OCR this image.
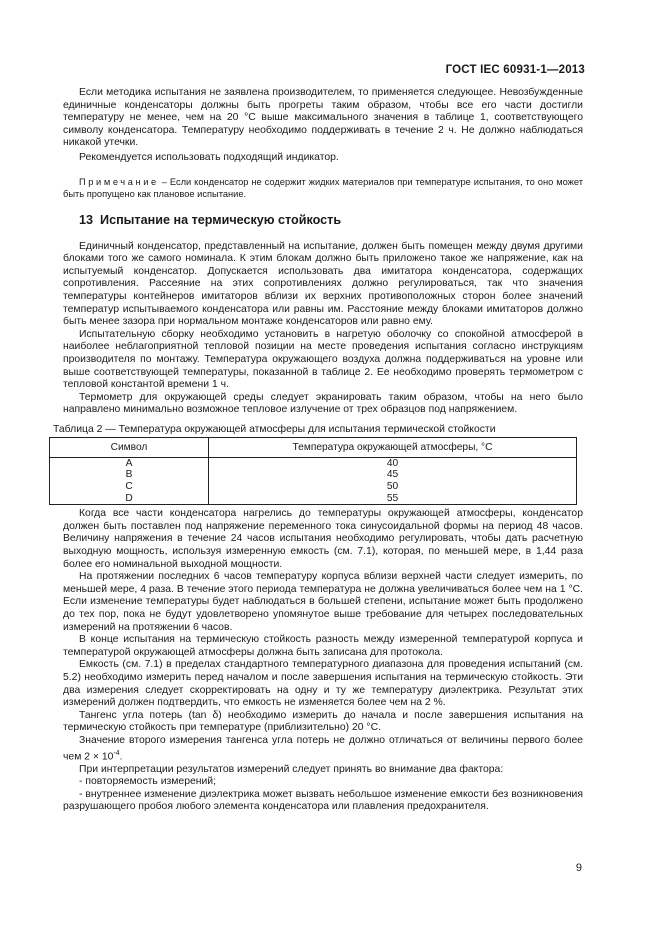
ГОСТ IEC 60931-1—2013

Если методика испытания не заявлена производителем, то применяется следующее. Невозбужденные единичные конденсаторы должны быть прогреты таким образом, чтобы все его части достигли температуру не менее, чем на 20 °С выше максимального значения в таблице 1, соответствующего символу конденсатора. Температуру необходимо поддерживать в течение 2 ч. Не должно наблюдаться никакой утечки.

Рекомендуется использовать подходящий индикатор.

Примечание – Если конденсатор не содержит жидких материалов при температуре испытания, то оно может быть пропущено как плановое испытание.

13 Испытание на термическую стойкость

Единичный конденсатор, представленный на испытание, должен быть помещен между двумя другими блоками того же самого номинала. К этим блокам должно быть приложено такое же напряжение, как на испытуемый конденсатор. Допускается использовать два имитатора конденсатора, содержащих сопротивления. Рассеяние на этих сопротивлениях должно регулироваться, так что значения температуры контейнеров имитаторов вблизи их верхних противоположных сторон более значений температур испытываемого конденсатора или равны им. Расстояние между блоками имитаторов должно быть менее зазора при нормальном монтаже конденсаторов или равно ему.

Испытательную сборку необходимо установить в нагретую оболочку со спокойной атмосферой в наиболее неблагоприятной тепловой позиции на месте проведения испытания согласно инструкциям производителя по монтажу. Температура окружающего воздуха должна поддерживаться на уровне или выше соответствующей температуры, показанной в таблице 2. Ее необходимо проверять термометром с тепловой константой времени 1 ч.

Термометр для окружающей среды следует экранировать таким образом, чтобы на него было направлено минимально возможное тепловое излучение от трех образцов под напряжением.

Таблица 2 — Температура окружающей атмосферы для испытания термической стойкости
Символ	Температура окружающей атмосферы, °С
A	40
B	45
C	50
D	55

Когда все части конденсатора нагрелись до температуры окружающей атмосферы, конденсатор должен быть поставлен под напряжение переменного тока синусоидальной формы на период 48 часов. Величину напряжения в течение 24 часов испытания необходимо регулировать, чтобы дать расчетную выходную мощность, используя измеренную емкость (см. 7.1), которая, по меньшей мере, в 1,44 раза более его номинальной выходной мощности.

На протяжении последних 6 часов температуру корпуса вблизи верхней части следует измерить, по меньшей мере, 4 раза. В течение этого периода температура не должна увеличиваться более чем на 1 °С. Если изменение температуры будет наблюдаться в большей степени, испытание может быть продолжено до тех пор, пока не будут удовлетворено упомянутое выше требование для четырех последовательных измерений на протяжении 6 часов.

В конце испытания на термическую стойкость разность между измеренной температурой корпуса и температурой окружающей атмосферы должна быть записана для протокола.

Емкость (см. 7.1) в пределах стандартного температурного диапазона для проведения испытаний (см. 5.2) необходимо измерить перед началом и после завершения испытания на термическую стойкость. Эти два измерения следует скорректировать на одну и ту же температуру диэлектрика. Результат этих измерений должен подтвердить, что емкость не изменяется более чем на 2 %.

Тангенс угла потерь (tan δ) необходимо измерить до начала и после завершения испытания на термическую стойкость при температуре (приблизительно) 20 °С.

Значение второго измерения тангенса угла потерь не должно отличаться от величины первого более чем $2 \times 10^{-4}$.

При интерпретации результатов измерений следует принять во внимание два фактора:

- повторяемость измерений;

- внутреннее изменение диэлектрика может вызвать небольшое изменение емкости без возникновения разрушающего пробоя любого элемента конденсатора или плавления предохранителя.

9
